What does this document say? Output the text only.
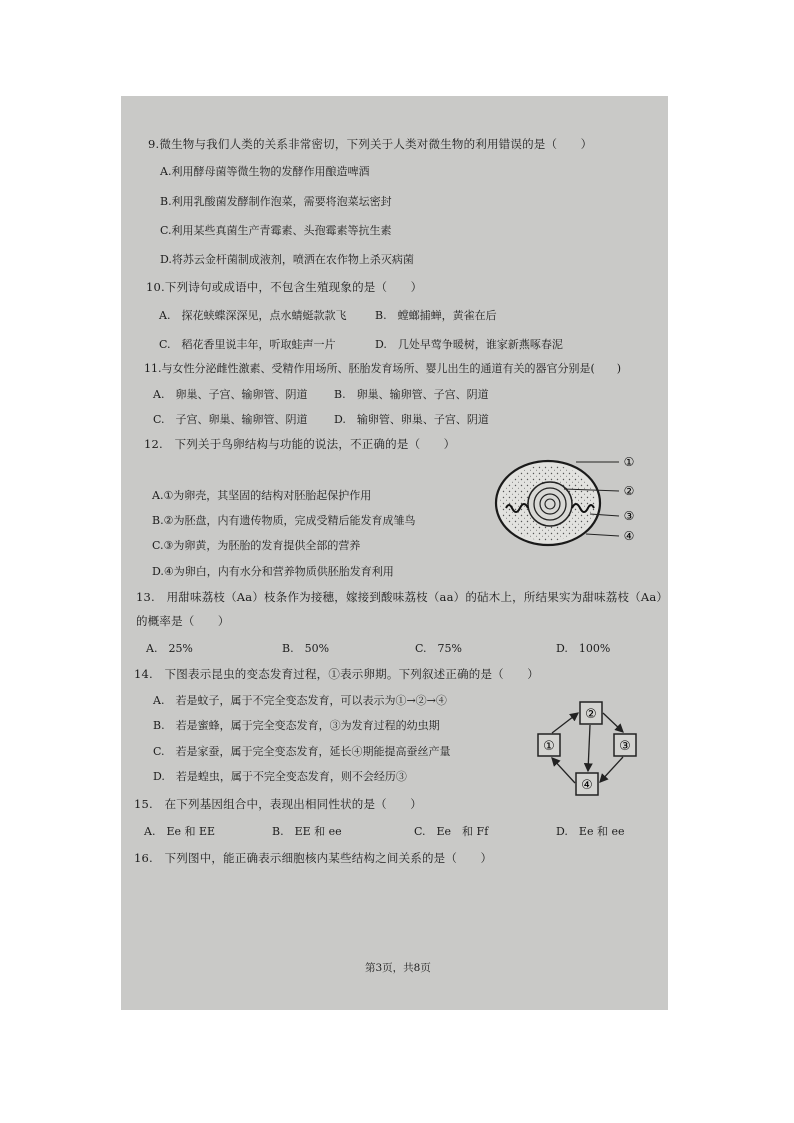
9.微生物与我们人类的关系非常密切，下列关于人类对微生物的利用错误的是（　　）
A.利用酵母菌等微生物的发酵作用酿造啤酒
B.利用乳酸菌发酵制作泡菜，需要将泡菜坛密封
C.利用某些真菌生产青霉素、头孢霉素等抗生素
D.将苏云金杆菌制成液剂，喷洒在农作物上杀灭病菌
10.下列诗句或成语中，不包含生殖现象的是（　　）
A.　探花蛱蝶深深见，点水蜻蜓款款飞	B.　螳螂捕蝉，黄雀在后
C.　稻花香里说丰年，听取蛙声一片	D.　几处早莺争暖树，谁家新燕啄春泥
11.与女性分泌雌性激素、受精作用场所、胚胎发育场所、婴儿出生的通道有关的器官分别是(　　)
A.　卵巢、子宫、输卵管、阴道 B.　卵巢、输卵管、子宫、阴道
C.　子宫、卵巢、输卵管、阴道 D.　输卵管、卵巢、子宫、阴道
12.　下列关于鸟卵结构与功能的说法，不正确的是（　　）
A.①为卵壳，其坚固的结构对胚胎起保护作用
B.②为胚盘，内有遗传物质，完成受精后能发育成雏鸟
C.③为卵黄，为胚胎的发育提供全部的营养
D.④为卵白，内有水分和营养物质供胚胎发育利用
①
②
③
④
13.　用甜味荔枝（Aa）枝条作为接穗，嫁接到酸味荔枝（aa）的砧木上，所结果实为甜味荔枝（Aa）
的概率是（　　）
A.　25%	B.　50%	C.　75%	D.　100%
14.　下图表示昆虫的变态发育过程，①表示卵期。下列叙述正确的是（　　）
A.　若是蚊子，属于不完全变态发育，可以表示为①→②→④
B.　若是蜜蜂，属于完全变态发育，③为发育过程的幼虫期
C.　若是家蚕，属于完全变态发育，延长④期能提高蚕丝产量
D.　若是蝗虫，属于不完全变态发育，则不会经历③
②
①	③
④
15.　在下列基因组合中，表现出相同性状的是（　　）
A.　Ee 和 EE	B.　EE 和 ee	C.　Ee　和 Ff	D.　Ee 和 ee
16.　下列图中，能正确表示细胞核内某些结构之间关系的是（　　）
第3页，共8页
